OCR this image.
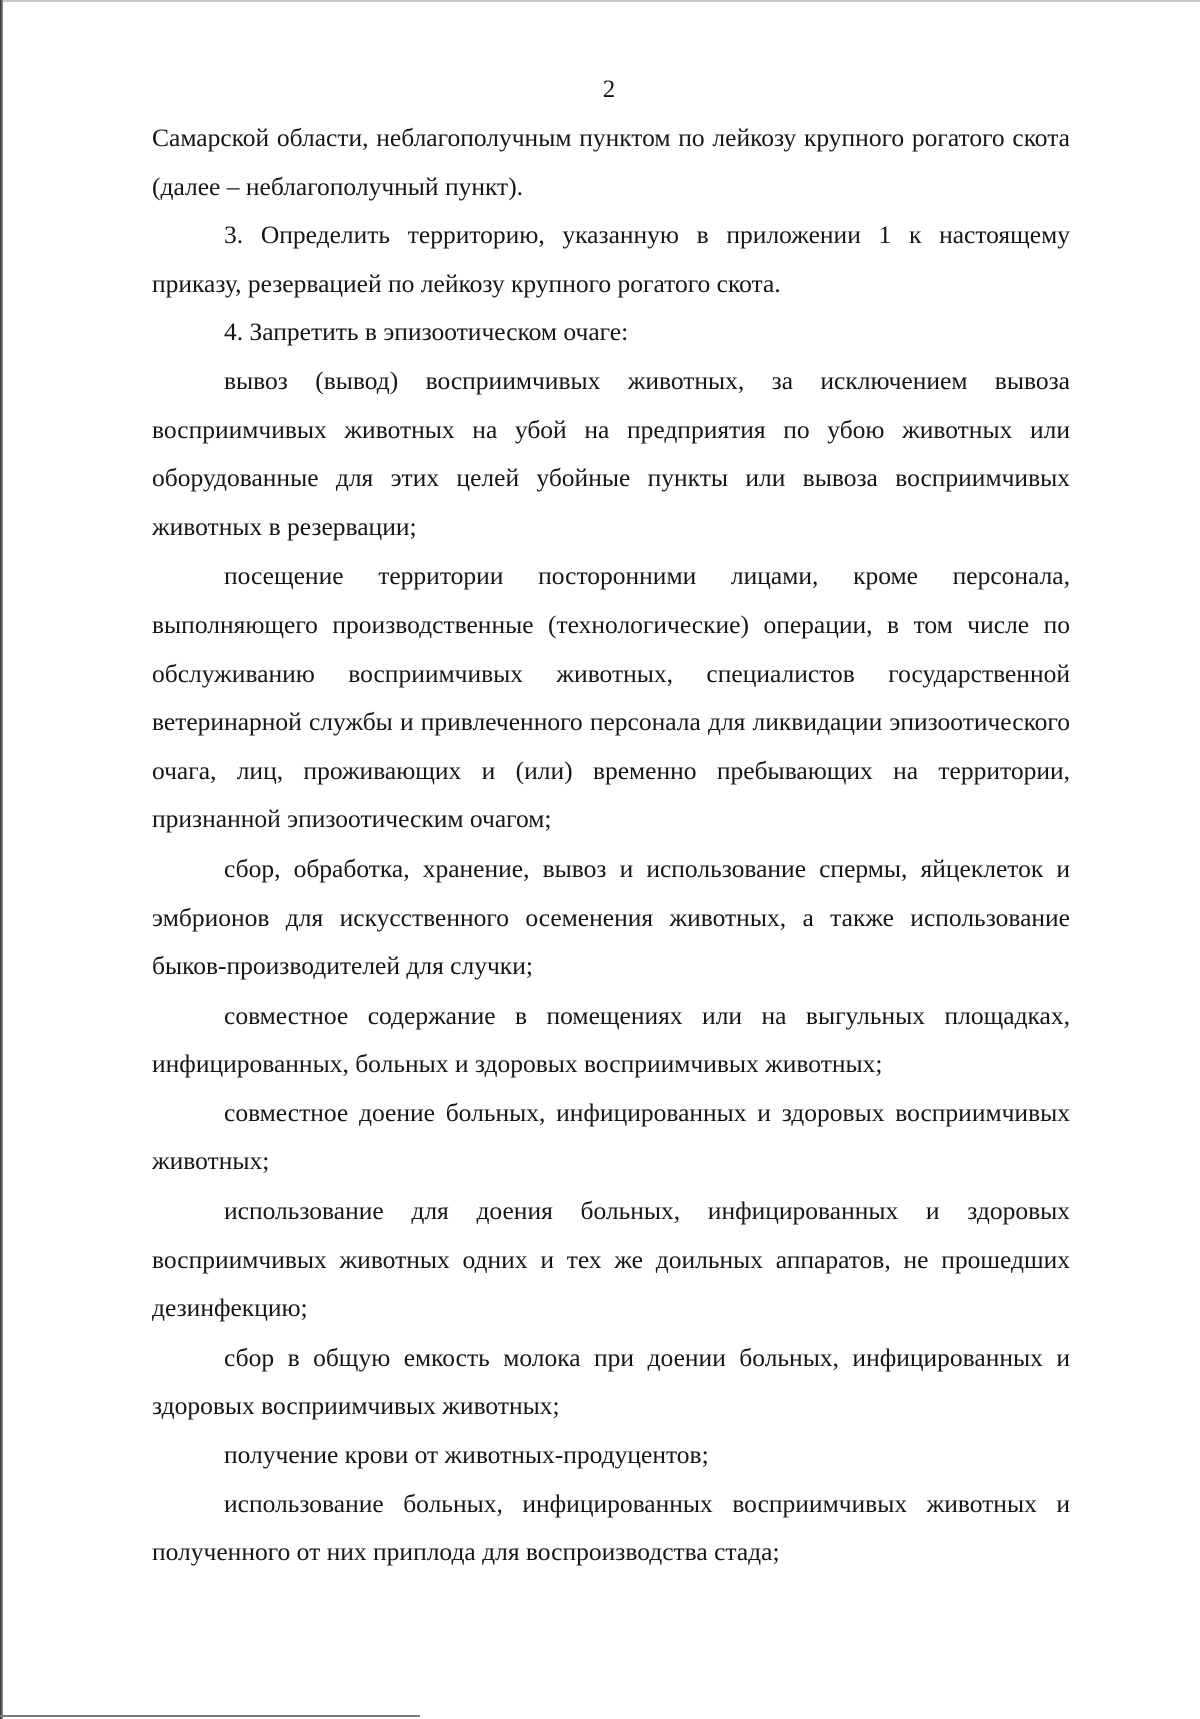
2

Самарской области, неблагополучным пунктом по лейкозу крупного рогатого скота (далее – неблагополучный пункт).

3. Определить территорию, указанную в приложении 1 к настоящему приказу, резервацией по лейкозу крупного рогатого скота.

4. Запретить в эпизоотическом очаге:

вывоз (вывод) восприимчивых животных, за исключением вывоза восприимчивых животных на убой на предприятия по убою животных или оборудованные для этих целей убойные пункты или вывоза восприимчивых животных в резервации;

посещение территории посторонними лицами, кроме персонала, выполняющего производственные (технологические) операции, в том числе по обслуживанию восприимчивых животных, специалистов государственной ветеринарной службы и привлеченного персонала для ликвидации эпизоотического очага, лиц, проживающих и (или) временно пребывающих на территории, признанной эпизоотическим очагом;

сбор, обработка, хранение, вывоз и использование спермы, яйцеклеток и эмбрионов для искусственного осеменения животных, а также использование быков-производителей для случки;

совместное содержание в помещениях или на выгульных площадках, инфицированных, больных и здоровых восприимчивых животных;

совместное доение больных, инфицированных и здоровых восприимчивых животных;

использование для доения больных, инфицированных и здоровых восприимчивых животных одних и тех же доильных аппаратов, не прошедших дезинфекцию;

сбор в общую емкость молока при доении больных, инфицированных и здоровых восприимчивых животных;

получение крови от животных-продуцентов;

использование больных, инфицированных восприимчивых животных и полученного от них приплода для воспроизводства стада;
